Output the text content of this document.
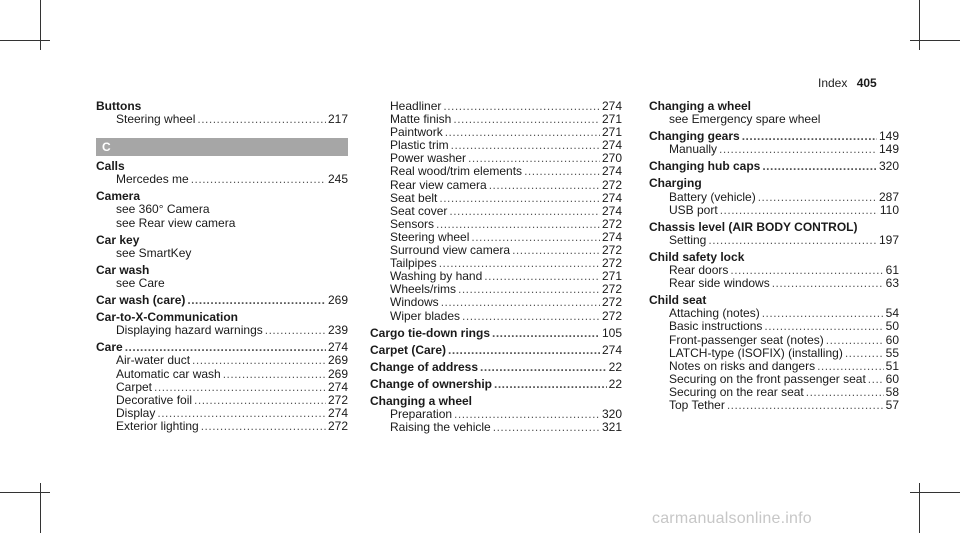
Index 405
Buttons
Steering wheel .....	217
C
Calls
Mercedes me .....	245
Camera
see 360° Camera
see Rear view camera
Car key
see SmartKey
Car wash
see Care
Car wash (care) .....	269
Car-to-X-Communication
Displaying hazard warnings .....	239
Care .....	274
Air-water duct .....	269
Automatic car wash .....	269
Carpet .....	274
Decorative foil .....	272
Display .....	274
Exterior lighting .....	272
Headliner .....	274
Matte finish .....	271
Paintwork .....	271
Plastic trim .....	274
Power washer .....	270
Real wood/trim elements .....	274
Rear view camera .....	272
Seat belt .....	274
Seat cover .....	274
Sensors .....	272
Steering wheel .....	274
Surround view camera .....	272
Tailpipes .....	272
Washing by hand .....	271
Wheels/rims .....	272
Windows .....	272
Wiper blades .....	272
Cargo tie-down rings .....	105
Carpet (Care) .....	274
Change of address .....	22
Change of ownership .....	22
Changing a wheel
Preparation .....	320
Raising the vehicle .....	321
Changing a wheel
see Emergency spare wheel
Changing gears .....	149
Manually .....	149
Changing hub caps .....	320
Charging
Battery (vehicle) .....	287
USB port .....	110
Chassis level (AIR BODY CONTROL)
Setting .....	197
Child safety lock
Rear doors .....	61
Rear side windows .....	63
Child seat
Attaching (notes) .....	54
Basic instructions .....	50
Front-passenger seat (notes) .....	60
LATCH-type (ISOFIX) (installing) .....	55
Notes on risks and dangers .....	51
Securing on the front passenger seat ..... 60
Securing on the rear seat .....	58
Top Tether .....	57
carmanualsonline.info
